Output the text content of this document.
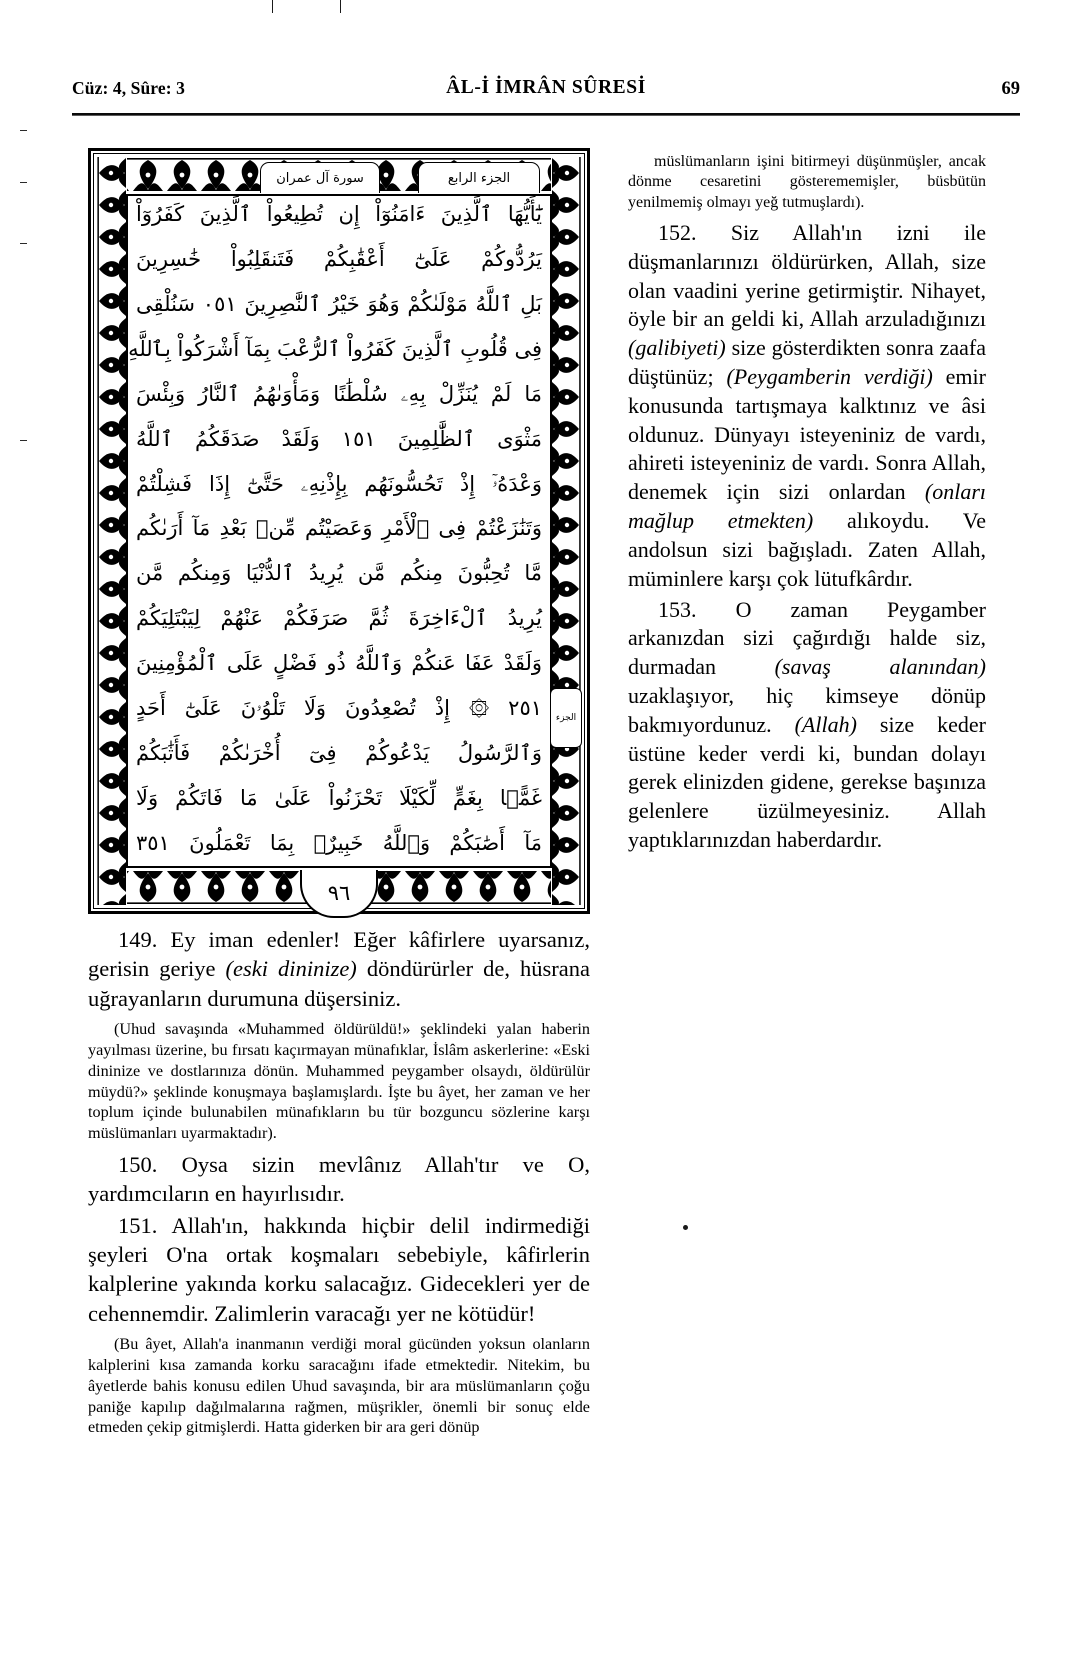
Cüz: 4, Sûre: 3	ÂL-İ İMRÂN SÛRESİ	69
الجزء الرابع
سورة آل عمران
يَٰٓأَيُّهَا ٱلَّذِينَ ءَامَنُوٓاْ إِن تُطِيعُواْ ٱلَّذِينَ كَفَرُوٓاْ
يَرُدُّوكُمْ عَلَىٰٓ أَعْقَٰبِكُمْ فَتَنقَلِبُواْ خَٰسِرِينَ
بَلِ ٱللَّهُ مَوْلَىٰكُمْ وَهُوَ خَيْرُ ٱلنَّٰصِرِينَ ١٥٠ سَنُلْقِى
فِى قُلُوبِ ٱلَّذِينَ كَفَرُواْ ٱلرُّعْبَ بِمَآ أَشْرَكُواْ بِٱللَّهِ
مَا لَمْ يُنَزِّلْ بِهِۦ سُلْطَٰنًا وَمَأْوَىٰهُمُ ٱلنَّارُ وَبِئْسَ
مَثْوَى ٱلظَّٰلِمِينَ ١٥١ وَلَقَدْ صَدَقَكُمُ ٱللَّهُ
وَعْدَهُۥٓ إِذْ تَحُسُّونَهُم بِإِذْنِهِۦ حَتَّىٰٓ إِذَا فَشِلْتُمْ
وَتَنَٰزَعْتُمْ فِى ٱلْأَمْرِ وَعَصَيْتُم مِّنۢ بَعْدِ مَآ أَرَىٰكُم
مَّا تُحِبُّونَ مِنكُم مَّن يُرِيدُ ٱلدُّنْيَا وَمِنكُم مَّن
يُرِيدُ ٱلْءَاخِرَةَ ثُمَّ صَرَفَكُمْ عَنْهُمْ لِيَبْتَلِيَكُمْ
وَلَقَدْ عَفَا عَنكُمْ وَٱللَّهُ ذُو فَضْلٍ عَلَى ٱلْمُؤْمِنِينَ
١٥٢ ۞ إِذْ تُصْعِدُونَ وَلَا تَلْوُۥنَ عَلَىٰٓ أَحَدٍ
وَٱلرَّسُولُ يَدْعُوكُمْ فِىٓ أُخْرَىٰكُمْ فَأَثَٰبَكُمْ
غَمًّۢا بِغَمٍّ لِّكَيْلَا تَحْزَنُواْ عَلَىٰ مَا فَاتَكُمْ وَلَا
مَآ أَصَٰبَكُمْ وَٱللَّهُ خَبِيرٌۢ بِمَا تَعْمَلُونَ ١٥٣
الجزء
٦٩

149. Ey iman edenler! Eğer kâfirlere uyarsanız, gerisin geriye (eski dininize) döndürürler de, hüsrana uğrayanların durumuna düşersiniz.

(Uhud savaşında «Muhammed öldürüldü!» şeklindeki yalan haberin yayılması üzerine, bu fırsatı kaçırmayan münafıklar, İslâm askerlerine: «Eski dininize ve dostlarınıza dönün. Muhammed peygamber olsaydı, öldürülür müydü?» şeklinde konuşmaya başlamışlardı. İşte bu âyet, her zaman ve her toplum içinde bulunabilen münafıkların bu tür bozguncu sözlerine karşı müslümanları uyarmaktadır).

150. Oysa sizin mevlânız Allah'tır ve O, yardımcıların en hayırlısıdır.

151. Allah'ın, hakkında hiçbir delil indirmediği şeyleri O'na ortak koşmaları sebebiyle, kâfirlerin kalplerine yakında korku salacağız. Gidecekleri yer de cehennemdir. Zalimlerin varacağı yer ne kötüdür!

(Bu âyet, Allah'a inanmanın verdiği moral gücünden yoksun olanların kalplerini kısa zamanda korku saracağını ifade etmektedir. Nitekim, bu âyetlerde bahis konusu edilen Uhud savaşında, bir ara müslümanların çoğu paniğe kapılıp dağılmalarına rağmen, müşrikler, önemli bir sonuç elde etmeden çekip gitmişlerdi. Hatta giderken bir ara geri dönüp

müslümanların işini bitirmeyi düşünmüşler, ancak dönme cesaretini gösterememişler, büsbütün yenilmemiş olmayı yeğ tutmuşlardı).

152. Siz Allah'ın izni ile düşmanlarınızı öldürürken, Allah, size olan vaadini yerine getirmiştir. Nihayet, öyle bir an geldi ki, Allah arzuladığınızı (galibiyeti) size gösterdikten sonra zaafa düştünüz; (Peygamberin verdiği) emir konusunda tartışmaya kalktınız ve âsi oldunuz. Dünyayı isteyeniniz de vardı, ahireti isteyeniniz de vardı. Sonra Allah, denemek için sizi onlardan (onları mağlup etmekten) alıkoydu. Ve andolsun sizi bağışladı. Zaten Allah, müminlere karşı çok lütufkârdır.

153. O zaman Peygamber arkanızdan sizi çağırdığı halde siz, durmadan (savaş alanından) uzaklaşıyor, hiç kimseye dönüp bakmıyordunuz. (Allah) size keder üstüne keder verdi ki, bundan dolayı gerek elinizden gidene, gerekse başınıza gelenlere üzülmeyesiniz. Allah yaptıklarınızdan haberdardır.
